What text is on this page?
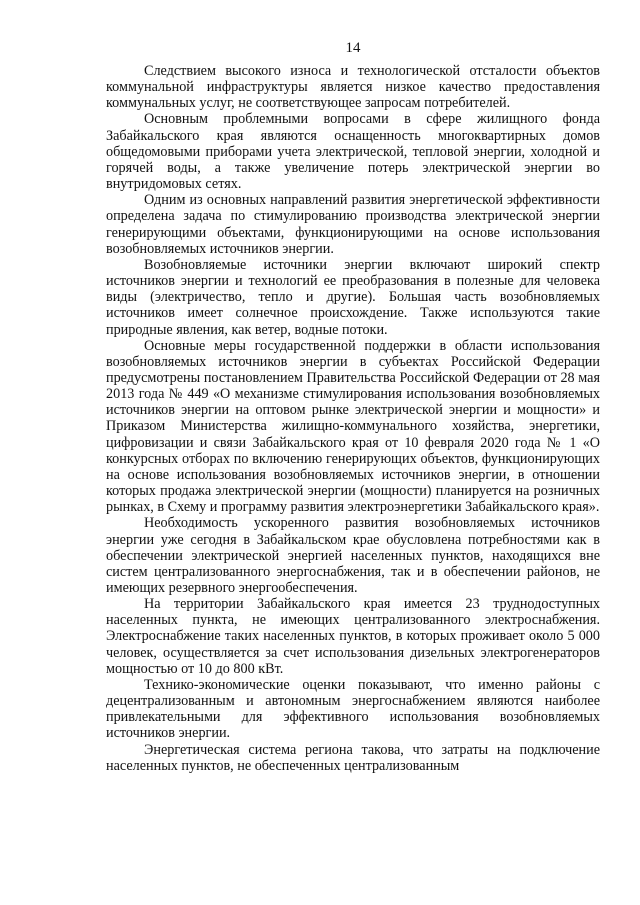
14

Следствием высокого износа и технологической отсталости объектов коммунальной инфраструктуры является низкое качество предоставления коммунальных услуг, не соответствующее запросам потребителей.

Основным проблемными вопросами в сфере жилищного фонда Забайкальского края являются оснащенность многоквартирных домов общедомовыми приборами учета электрической, тепловой энергии, холодной и горячей воды, а также увеличение потерь электрической энергии во внутридомовых сетях.

Одним из основных направлений развития энергетической эффективности определена задача по стимулированию производства электрической энергии генерирующими объектами, функционирующими на основе использования возобновляемых источников энергии.

Возобновляемые источники энергии включают широкий спектр источников энергии и технологий ее преобразования в полезные для человека виды (электричество, тепло и другие). Большая часть возобновляемых источников имеет солнечное происхождение. Также используются такие природные явления, как ветер, водные потоки.

Основные меры государственной поддержки в области использования возобновляемых источников энергии в субъектах Российской Федерации предусмотрены постановлением Правительства Российской Федерации от 28 мая 2013 года № 449 «О механизме стимулирования использования возобновляемых источников энергии на оптовом рынке электрической энергии и мощности» и Приказом Министерства жилищно-коммунального хозяйства, энергетики, цифровизации и связи Забайкальского края от 10 февраля 2020 года № 1 «О конкурсных отборах по включению генерирующих объектов, функционирующих на основе использования возобновляемых источников энергии, в отношении которых продажа электрической энергии (мощности) планируется на розничных рынках, в Схему и программу развития электроэнергетики Забайкальского края».

Необходимость ускоренного развития возобновляемых источников энергии уже сегодня в Забайкальском крае обусловлена потребностями как в обеспечении электрической энергией населенных пунктов, находящихся вне систем централизованного энергоснабжения, так и в обеспечении районов, не имеющих резервного энергообеспечения.

На территории Забайкальского края имеется 23 труднодоступных населенных пункта, не имеющих централизованного электроснабжения. Электроснабжение таких населенных пунктов, в которых проживает около 5 000 человек, осуществляется за счет использования дизельных электрогенераторов мощностью от 10 до 800 кВт.

Технико-экономические оценки показывают, что именно районы с децентрализованным и автономным энергоснабжением являются наиболее привлекательными для эффективного использования возобновляемых источников энергии.

Энергетическая система региона такова, что затраты на подключение населенных пунктов, не обеспеченных централизованным
